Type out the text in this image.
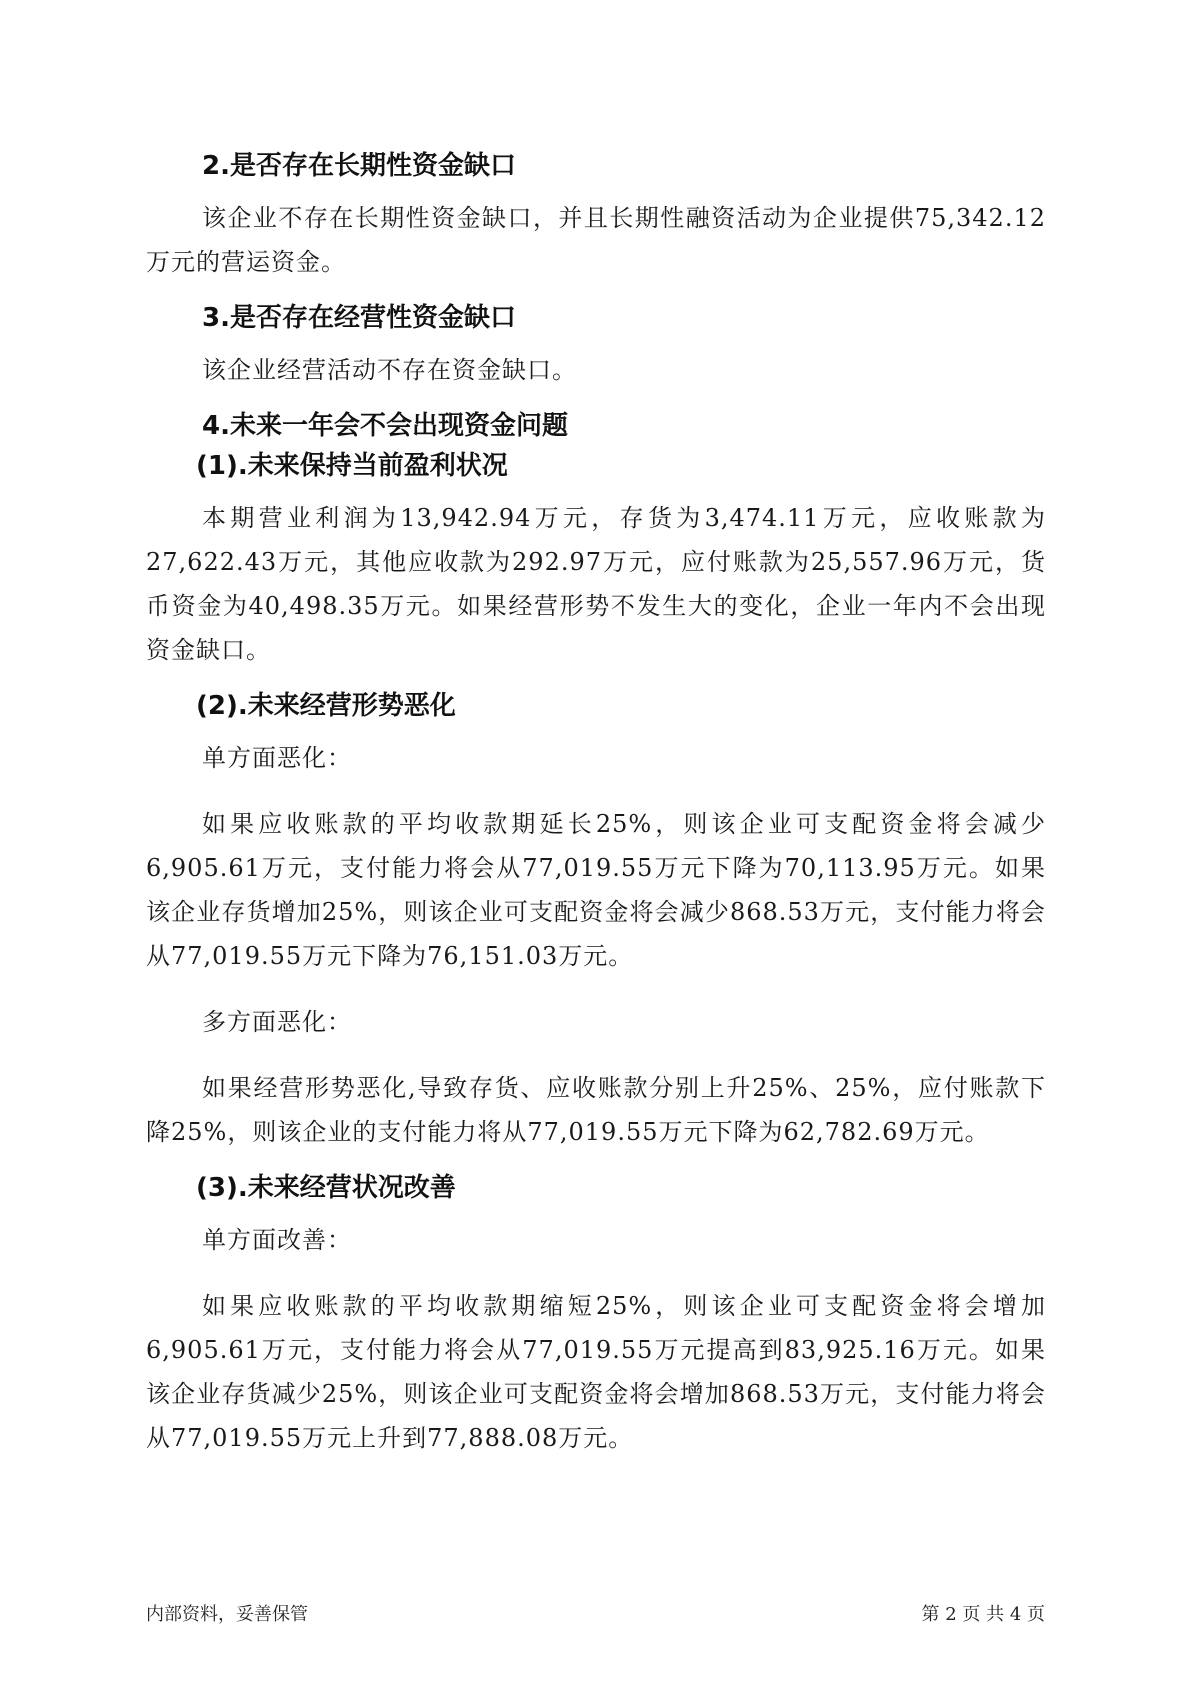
2.是否存在长期性资金缺口

该企业不存在长期性资金缺口，并且长期性融资活动为企业提供75,342.12万元的营运资金。

3.是否存在经营性资金缺口

该企业经营活动不存在资金缺口。

4.未来一年会不会出现资金问题
(1).未来保持当前盈利状况

本期营业利润为13,942.94万元，存货为3,474.11万元，应收账款为27,622.43万元，其他应收款为292.97万元，应付账款为25,557.96万元，货币资金为40,498.35万元。如果经营形势不发生大的变化，企业一年内不会出现资金缺口。

(2).未来经营形势恶化

单方面恶化：

如果应收账款的平均收款期延长25%，则该企业可支配资金将会减少6,905.61万元，支付能力将会从77,019.55万元下降为70,113.95万元。如果该企业存货增加25%，则该企业可支配资金将会减少868.53万元，支付能力将会从77,019.55万元下降为76,151.03万元。

多方面恶化：

如果经营形势恶化,导致存货、应收账款分别上升25%、25%，应付账款下降25%，则该企业的支付能力将从77,019.55万元下降为62,782.69万元。

(3).未来经营状况改善

单方面改善：

如果应收账款的平均收款期缩短25%，则该企业可支配资金将会增加6,905.61万元，支付能力将会从77,019.55万元提高到83,925.16万元。如果该企业存货减少25%，则该企业可支配资金将会增加868.53万元，支付能力将会从77,019.55万元上升到77,888.08万元。

内部资料，妥善保管	第 2 页 共 4 页
